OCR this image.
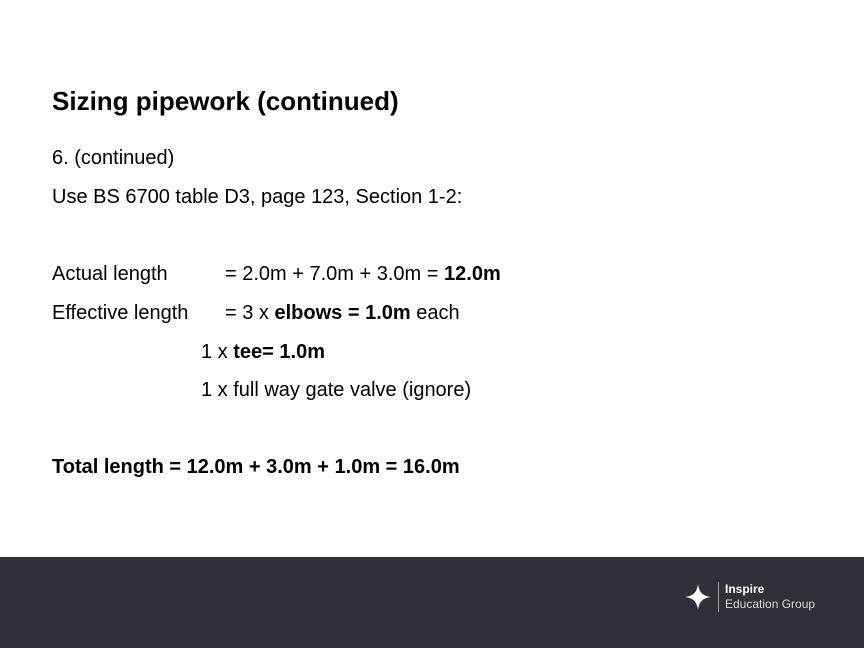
Sizing pipework (continued)
6. (continued)
Use BS 6700 table D3, page 123, Section 1-2:
Actual length	= 2.0m + 7.0m + 3.0m = 12.0m
Effective length = 3 x elbows = 1.0m each
1 x tee= 1.0m
1 x full way gate valve (ignore)
Total length = 12.0m + 3.0m + 1.0m = 16.0m
Inspire
Education Group
